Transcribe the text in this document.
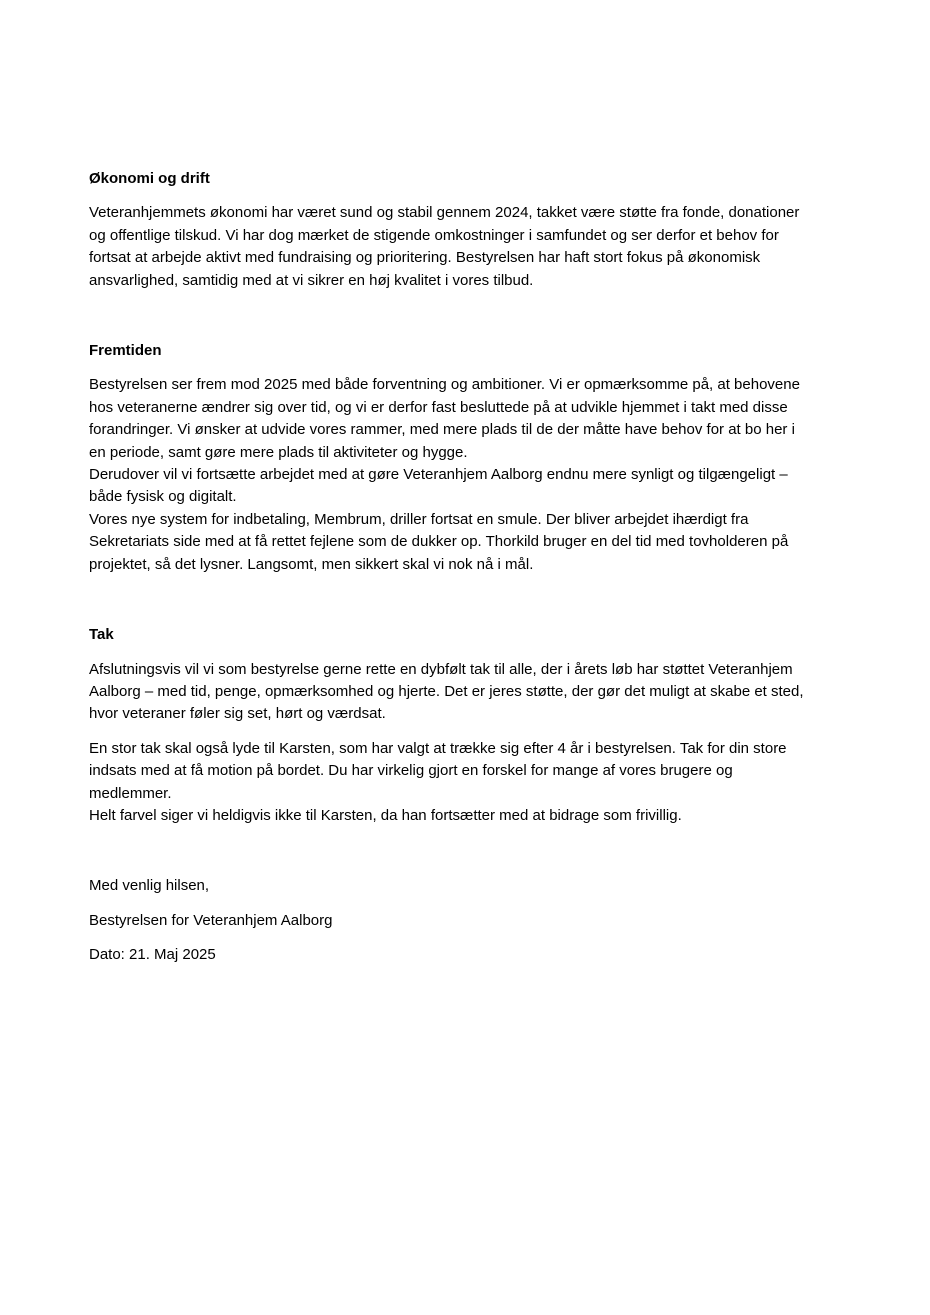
Økonomi og drift
Veteranhjemmets økonomi har været sund og stabil gennem 2024, takket være støtte fra fonde, donationer
og offentlige tilskud. Vi har dog mærket de stigende omkostninger i samfundet og ser derfor et behov for
fortsat at arbejde aktivt med fundraising og prioritering. Bestyrelsen har haft stort fokus på økonomisk
ansvarlighed, samtidig med at vi sikrer en høj kvalitet i vores tilbud.
Fremtiden
Bestyrelsen ser frem mod 2025 med både forventning og ambitioner. Vi er opmærksomme på, at behovene
hos veteranerne ændrer sig over tid, og vi er derfor fast besluttede på at udvikle hjemmet i takt med disse
forandringer. Vi ønsker at udvide vores rammer, med mere plads til de der måtte have behov for at bo her i
en periode, samt gøre mere plads til aktiviteter og hygge.
Derudover vil vi fortsætte arbejdet med at gøre Veteranhjem Aalborg endnu mere synligt og tilgængeligt –
både fysisk og digitalt.
Vores nye system for indbetaling, Membrum, driller fortsat en smule. Der bliver arbejdet ihærdigt fra
Sekretariats side med at få rettet fejlene som de dukker op. Thorkild bruger en del tid med tovholderen på
projektet, så det lysner. Langsomt, men sikkert skal vi nok nå i mål.
Tak
Afslutningsvis vil vi som bestyrelse gerne rette en dybfølt tak til alle, der i årets løb har støttet Veteranhjem
Aalborg – med tid, penge, opmærksomhed og hjerte. Det er jeres støtte, der gør det muligt at skabe et sted,
hvor veteraner føler sig set, hørt og værdsat.
En stor tak skal også lyde til Karsten, som har valgt at trække sig efter 4 år i bestyrelsen. Tak for din store
indsats med at få motion på bordet. Du har virkelig gjort en forskel for mange af vores brugere og
medlemmer.
Helt farvel siger vi heldigvis ikke til Karsten, da han fortsætter med at bidrage som frivillig.
Med venlig hilsen,
Bestyrelsen for Veteranhjem Aalborg
Dato: 21. Maj 2025
